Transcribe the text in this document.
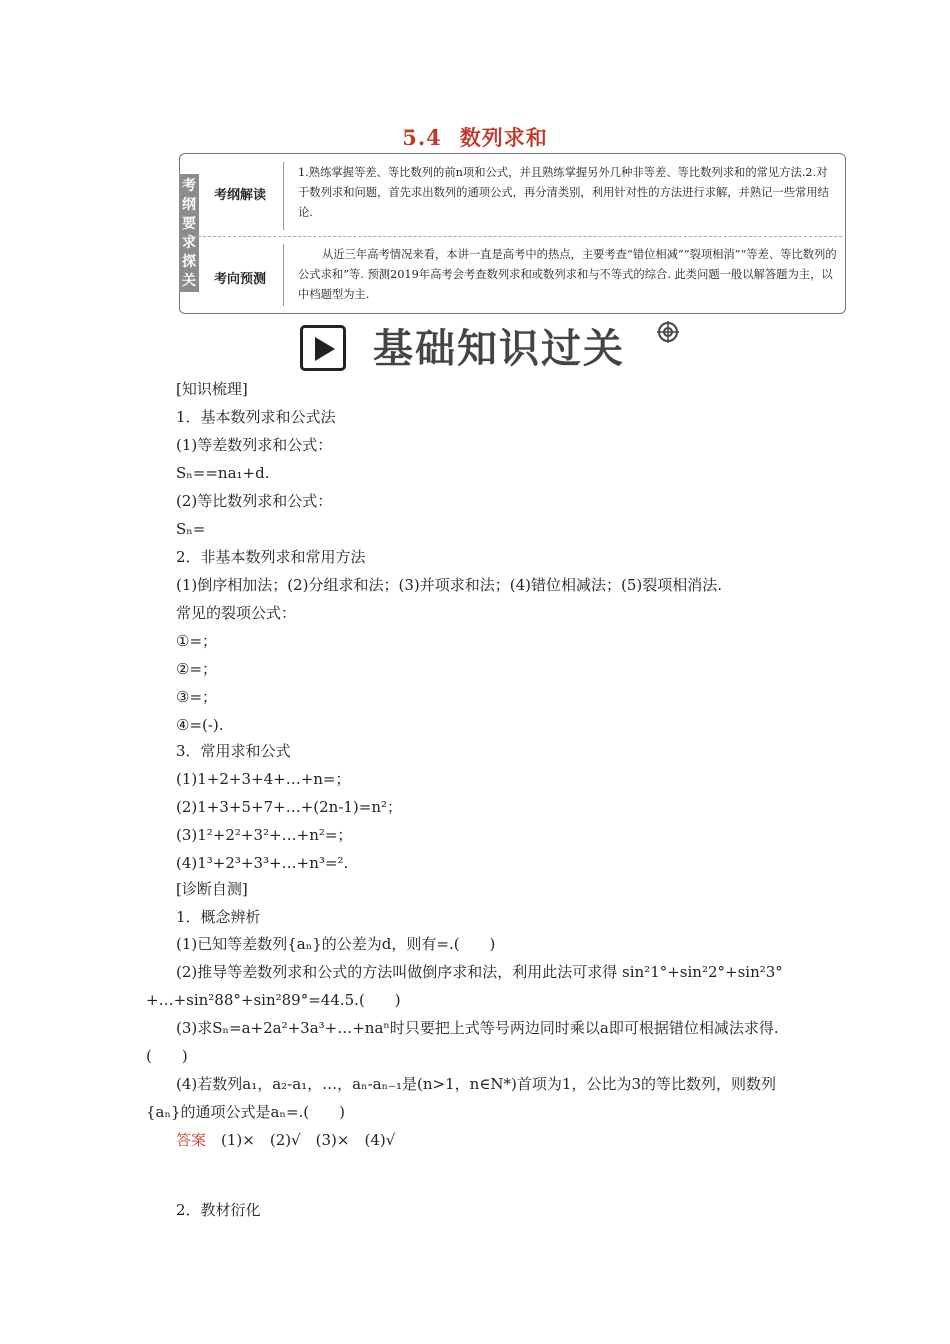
5.4 数列求和
考
纲
要
求
探
关
考纲解读
1.熟练掌握等差、等比数列的前n项和公式，并且熟练掌握另外几种非等差、等比数列求和的常见方法.2.对于数列求和问题，首先求出数列的通项公式，再分清类别，利用针对性的方法进行求解，并熟记一些常用结论.
考向预测
从近三年高考情况来看，本讲一直是高考中的热点，主要考查“错位相减”“裂项相消”“等差、等比数列的公式求和”等. 预测2019年高考会考查数列求和或数列求和与不等式的综合. 此类问题一般以解答题为主，以中档题型为主.
基础知识过关
[知识梳理]
1．基本数列求和公式法
(1)等差数列求和公式：
Sₙ==na₁+d.
(2)等比数列求和公式：
Sₙ=
2．非基本数列求和常用方法
(1)倒序相加法；(2)分组求和法；(3)并项求和法；(4)错位相减法；(5)裂项相消法.
常见的裂项公式：
①=；
②=；
③=；
④=(-).
3．常用求和公式
(1)1+2+3+4+…+n=；
(2)1+3+5+7+…+(2n-1)=n²；
(3)1²+2²+3²+…+n²=；
(4)1³+2³+3³+…+n³=².
[诊断自测]
1．概念辨析
(1)已知等差数列{aₙ}的公差为d，则有=.(　　)
(2)推导等差数列求和公式的方法叫做倒序求和法，利用此法可求得 sin²1°+sin²2°+sin²3°+…+sin²88°+sin²89°=44.5.(　　)
(3)求Sₙ=a+2a²+3a³+…+naⁿ时只要把上式等号两边同时乘以a即可根据错位相减法求得.(　　)
(4)若数列a₁，a₂-a₁，…，aₙ-aₙ₋₁是(n>1，n∈N*)首项为1，公比为3的等比数列，则数列{aₙ}的通项公式是aₙ=.(　　)
答案　 (1)×　(2)√　(3)×　(4)√
2．教材衍化
